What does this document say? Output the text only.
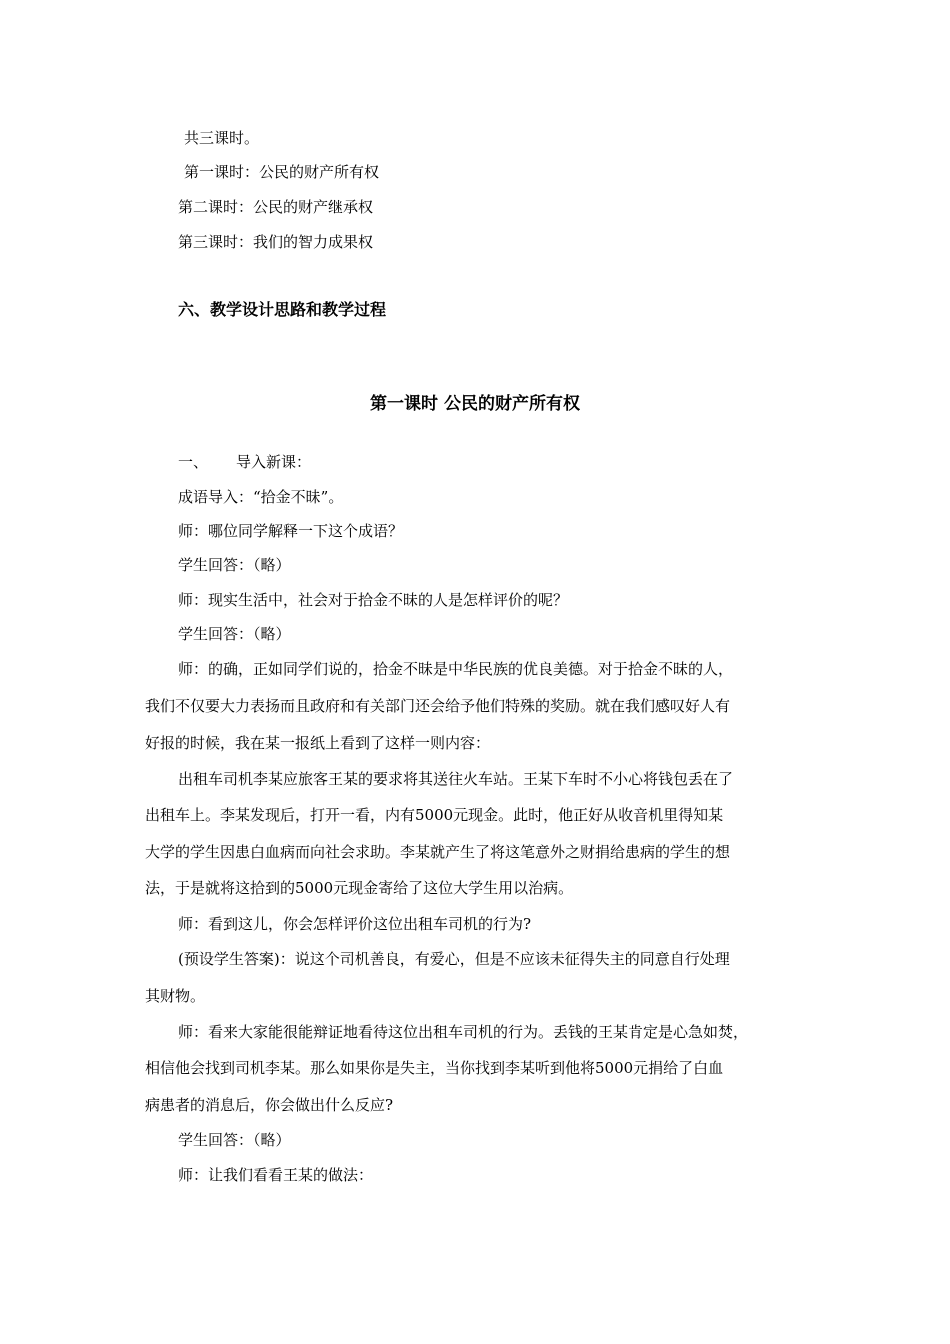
共三课时。
第一课时：公民的财产所有权
第二课时：公民的财产继承权
第三课时：我们的智力成果权
六、教学设计思路和教学过程
第一课时 公民的财产所有权
一、 导入新课：
成语导入：“拾金不昧”。
师：哪位同学解释一下这个成语？
学生回答：（略）
师：现实生活中，社会对于拾金不昧的人是怎样评价的呢？
学生回答：（略）
师：的确，正如同学们说的，拾金不昧是中华民族的优良美德。对于拾金不昧的人，
我们不仅要大力表扬而且政府和有关部门还会给予他们特殊的奖励。就在我们感叹好人有
好报的时候，我在某一报纸上看到了这样一则内容：
出租车司机李某应旅客王某的要求将其送往火车站。王某下车时不小心将钱包丢在了
出租车上。李某发现后，打开一看，内有5000元现金。此时，他正好从收音机里得知某
大学的学生因患白血病而向社会求助。李某就产生了将这笔意外之财捐给患病的学生的想
法，于是就将这拾到的5000元现金寄给了这位大学生用以治病。
师：看到这儿，你会怎样评价这位出租车司机的行为?
(预设学生答案)：说这个司机善良，有爱心，但是不应该未征得失主的同意自行处理
其财物。
师：看来大家能很能辩证地看待这位出租车司机的行为。丢钱的王某肯定是心急如焚，
相信他会找到司机李某。那么如果你是失主，当你找到李某听到他将5000元捐给了白血
病患者的消息后，你会做出什么反应?
学生回答：（略）
师：让我们看看王某的做法：
